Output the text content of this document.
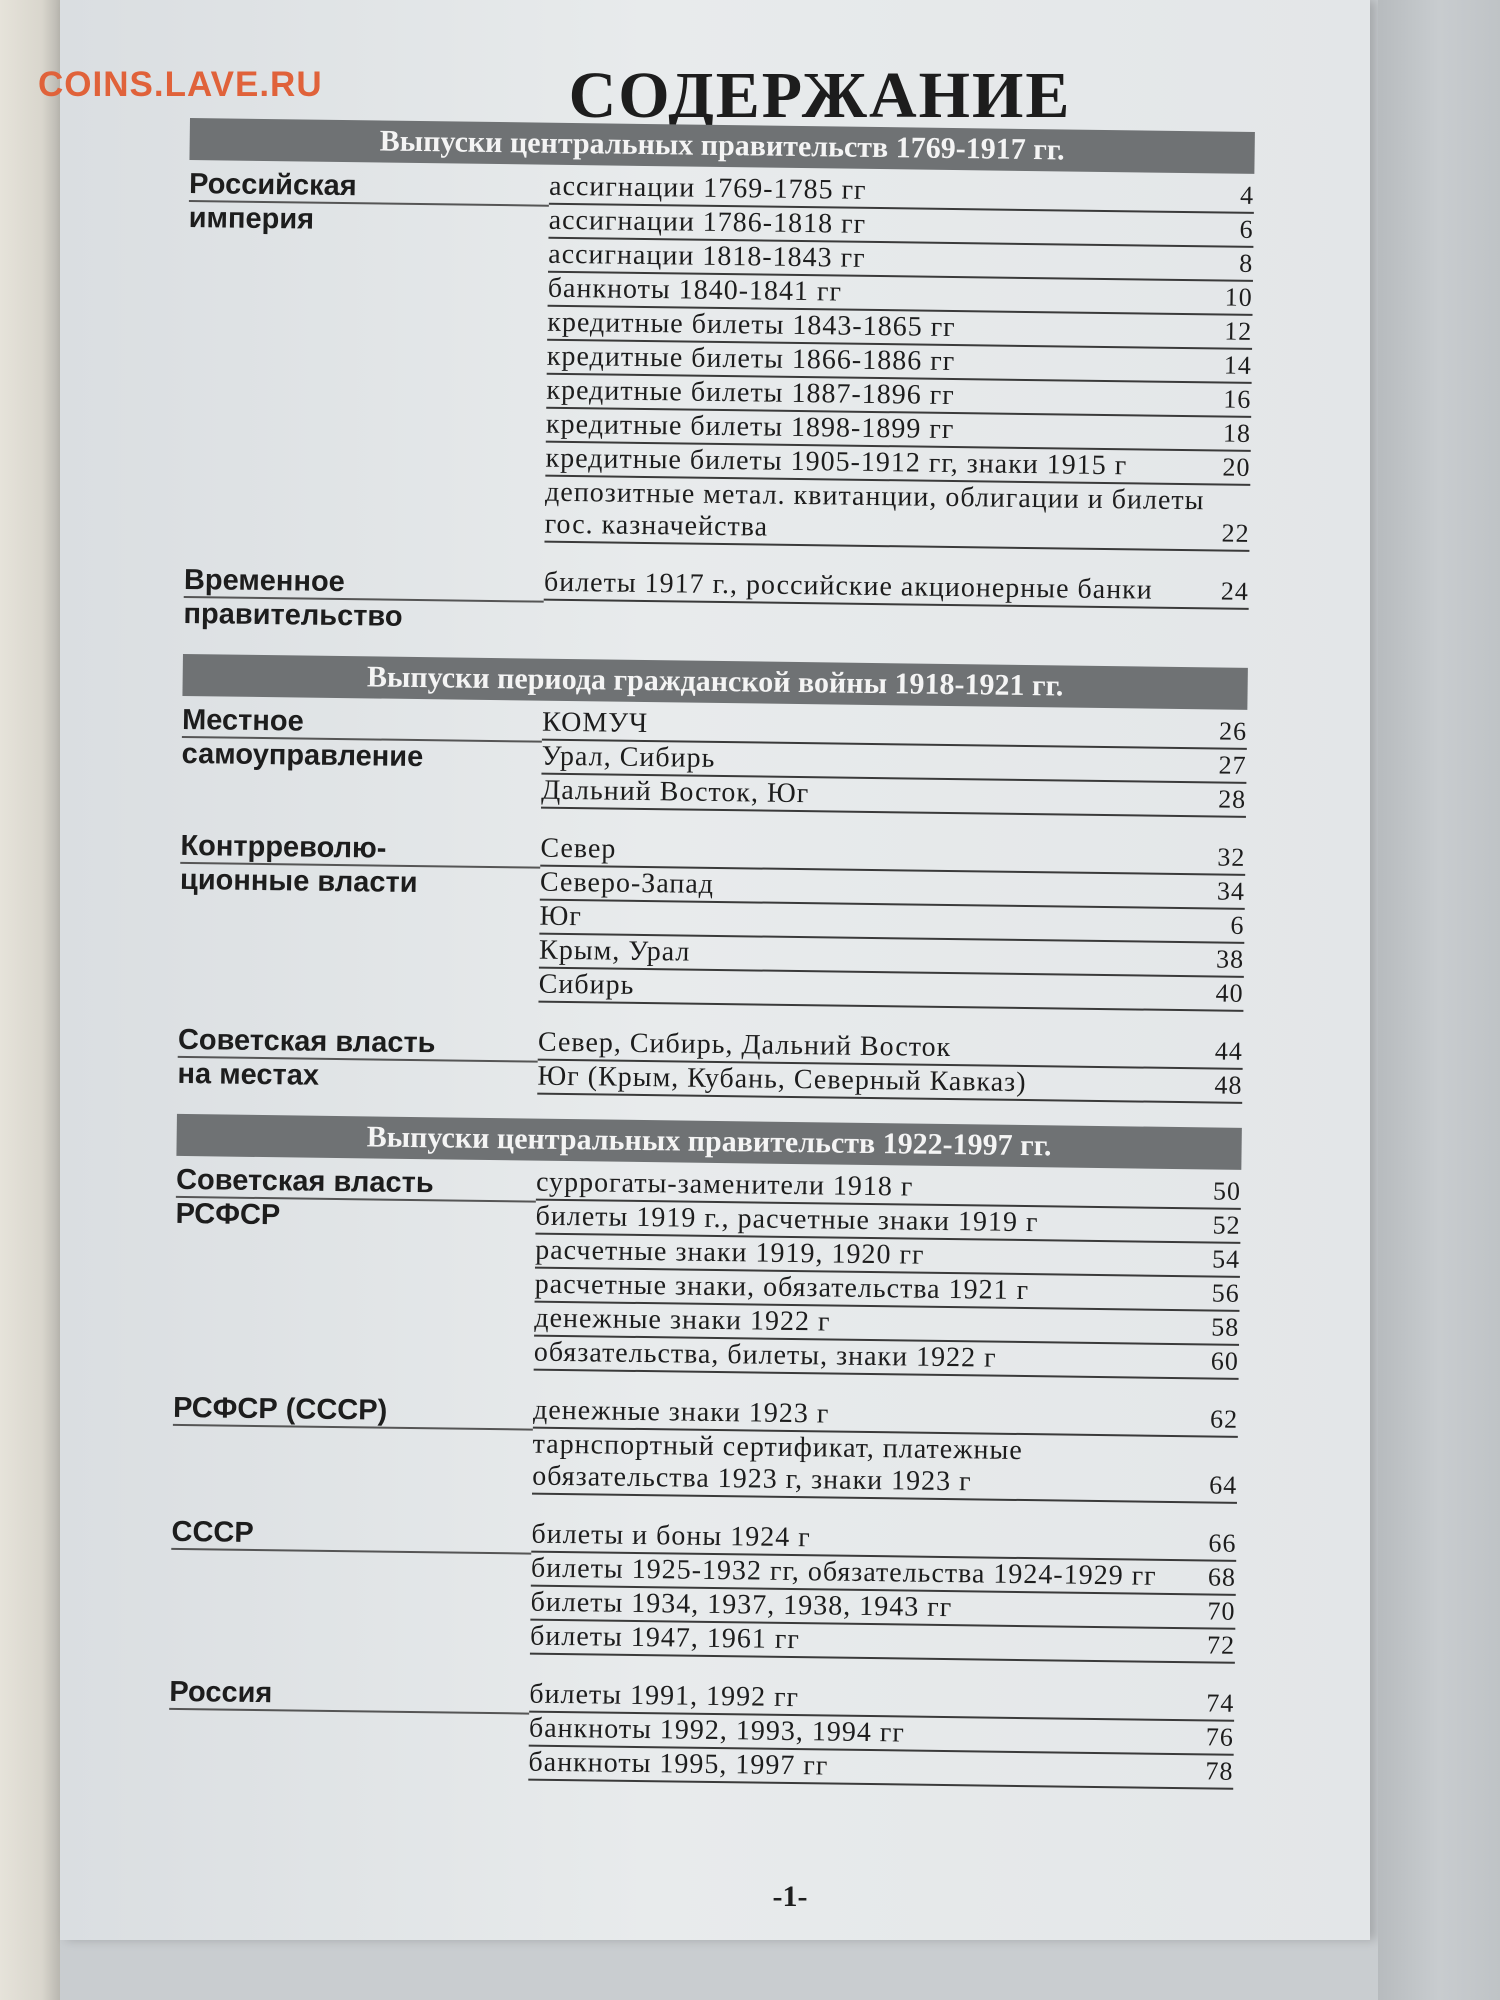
COINS.LAVE.RU	СОДЕРЖАНИЕ
Выпуски центральных правительств 1769-1917 гг.
Российская
империя
ассигнации 1769-1785 гг	4
ассигнации 1786-1818 гг	6
ассигнации 1818-1843 гг	8
банкноты 1840-1841 гг	10
кредитные билеты 1843-1865 гг	12
кредитные билеты 1866-1886 гг	14
кредитные билеты 1887-1896 гг	16
кредитные билеты 1898-1899 гг	18
кредитные билеты 1905-1912 гг, знаки 1915 г	20
депозитные метал. квитанции, облигации и билеты гос. казначейства	22
Временное
правительство
билеты 1917 г., российские акционерные банки	24
Выпуски периода гражданской войны 1918-1921 гг.
Местное
самоуправление
КОМУЧ	26
Урал, Сибирь	27
Дальний Восток, Юг	28
Контрреволю-
ционные власти
Север	32
Северо-Запад	34
Юг	6
Крым, Урал	38
Сибирь	40
Советская власть
на местах
Север, Сибирь, Дальний Восток	44
Юг (Крым, Кубань, Северный Кавказ)	48
Выпуски центральных правительств 1922-1997 гг.
Советская власть
РСФСР
суррогаты-заменители 1918 г	50
билеты 1919 г., расчетные знаки 1919 г	52
расчетные знаки 1919, 1920 гг	54
расчетные знаки, обязательства 1921 г	56
денежные знаки 1922 г	58
обязательства, билеты, знаки 1922 г	60
РСФСР (СССР)	денежные знаки 1923 г	62
тарнспортный сертификат, платежные обязательства 1923 г, знаки 1923 г	64
СССР	билеты и боны 1924 г	66
билеты 1925-1932 гг, обязательства 1924-1929 гг	68
билеты 1934, 1937, 1938, 1943 гг	70
билеты 1947, 1961 гг	72
Россия	билеты 1991, 1992 гг	74
банкноты 1992, 1993, 1994 гг	76
банкноты 1995, 1997 гг	78
-1-
